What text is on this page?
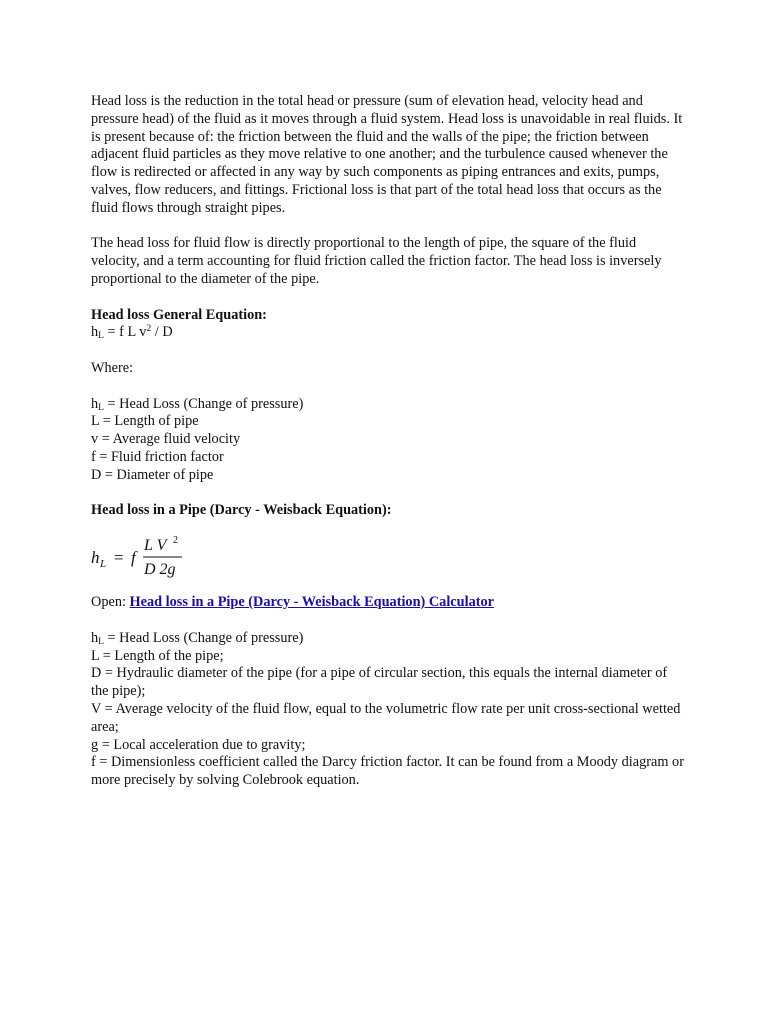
Head loss is the reduction in the total head or pressure (sum of elevation head, velocity head and pressure head) of the fluid as it moves through a fluid system. Head loss is unavoidable in real fluids. It is present because of: the friction between the fluid and the walls of the pipe; the friction between adjacent fluid particles as they move relative to one another; and the turbulence caused whenever the flow is redirected or affected in any way by such components as piping entrances and exits, pumps, valves, flow reducers, and fittings. Frictional loss is that part of the total head loss that occurs as the fluid flows through straight pipes.

The head loss for fluid flow is directly proportional to the length of pipe, the square of the fluid velocity, and a term accounting for fluid friction called the friction factor. The head loss is inversely proportional to the diameter of the pipe.

Head loss General Equation:

$h_L = f$ L $v^2$ / D

Where:

$h_L$ = Head Loss (Change of pressure)

L = Length of pipe

v = Average fluid velocity

f = Fluid friction factor

D = Diameter of pipe

Head loss in a Pipe (Darcy - Weisback Equation):

h L = f
L V 2
D 2g

Open: Head loss in a Pipe (Darcy - Weisback Equation) Calculator

$h_L$ = Head Loss (Change of pressure)

L = Length of the pipe;

D = Hydraulic diameter of the pipe (for a pipe of circular section, this equals the internal diameter of the pipe);

V = Average velocity of the fluid flow, equal to the volumetric flow rate per unit cross-sectional wetted area;

g = Local acceleration due to gravity;

f = Dimensionless coefficient called the Darcy friction factor. It can be found from a Moody diagram or more precisely by solving Colebrook equation.
